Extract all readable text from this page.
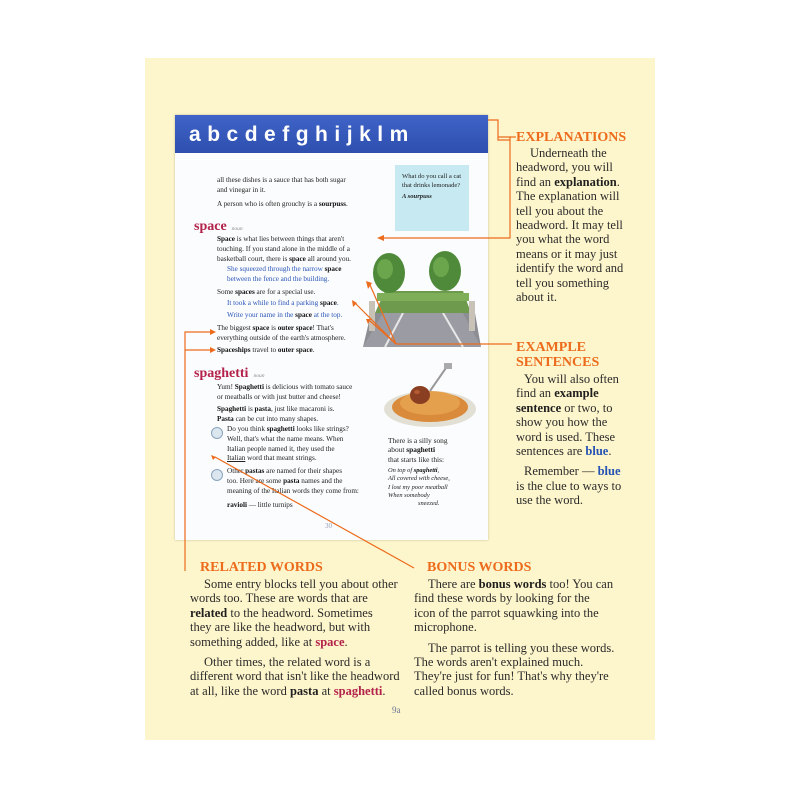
a b c d e f g h i j k l m
all these dishes is a sauce that has both sugar
and vinegar in it.
A person who is often grouchy is a sourpuss.
What do you call a cat that drinks lemonade?
A sourpuss
space noun
Space is what lies between things that aren't
touching. If you stand alone in the middle of a
basketball court, there is space all around you.
She squeezed through the narrow space
between the fence and the building.
Some spaces are for a special use.
It took a while to find a parking space.
Write your name in the space at the top.
The biggest space is outer space! That's
everything outside of the earth's atmosphere.
Spaceships travel to outer space.
spaghetti noun
Yum! Spaghetti is delicious with tomato sauce
or meatballs or with just butter and cheese!
Spaghetti is pasta, just like macaroni is.
Pasta can be cut into many shapes.
Do you think spaghetti looks like strings?
Well, that's what the name means. When
Italian people named it, they used the
Italian word that meant strings.
Other pastas are named for their shapes
too. Here are some pasta names and the
meaning of the Italian words they come from:
ravioli — little turnips
There is a silly song
about spaghetti
that starts like this:
On top of spaghetti,
All covered with cheese,
I lost my poor meatball
When somebody
sneezed.
30
EXPLANATIONS
Underneath the
headword, you will
find an explanation.
The explanation will
tell you about the
headword. It may tell
you what the word
means or it may just
identify the word and
tell you something
about it.
EXAMPLE
SENTENCES
You will also often
find an example
sentence or two, to
show you how the
word is used. These
sentences are blue.
Remember — blue
is the clue to ways to
use the word.
RELATED WORDS
Some entry blocks tell you about other
words too. These are words that are
related to the headword. Sometimes
they are like the headword, but with
something added, like at space.
Other times, the related word is a
different word that isn't like the headword
at all, like the word pasta at spaghetti.
BONUS WORDS
There are bonus words too! You can
find these words by looking for the
icon of the parrot squawking into the
microphone.
The parrot is telling you these words.
The words aren't explained much.
They're just for fun! That's why they're
called bonus words.
9a
